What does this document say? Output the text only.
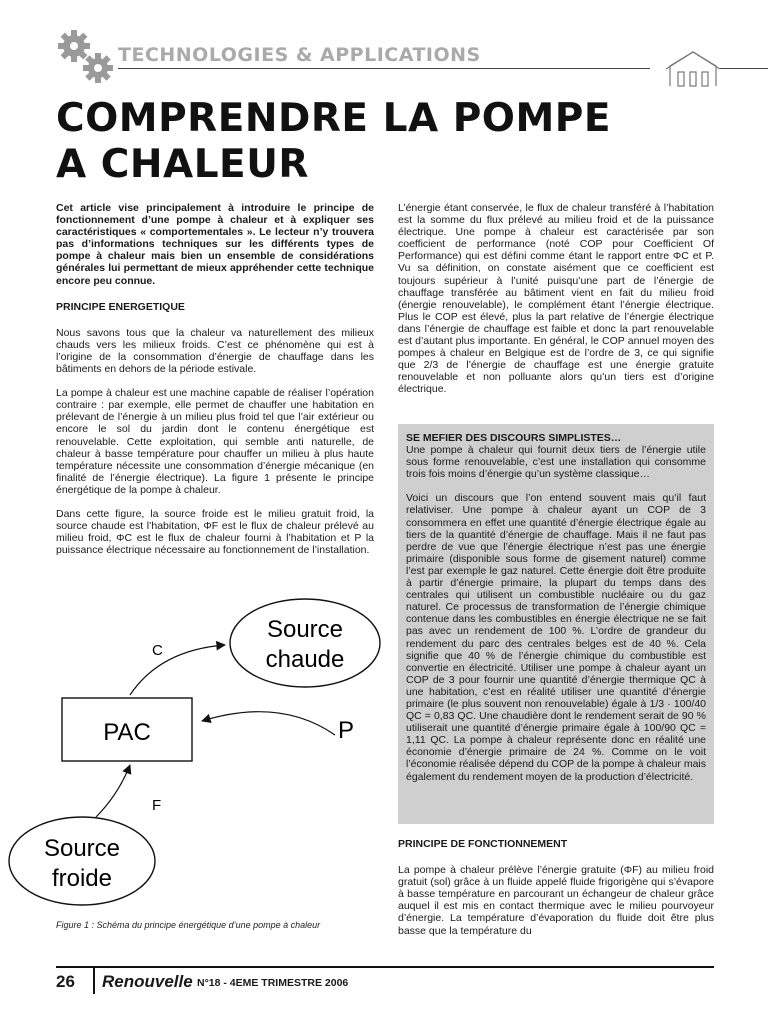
TECHNOLOGIES & APPLICATIONS
COMPRENDRE LA POMPE
A CHALEUR

Cet article vise principalement à introduire le principe de fonctionnement d’une pompe à chaleur et à expliquer ses caractéristiques « comportementales ». Le lecteur n’y trouvera pas d’informations techniques sur les différents types de pompe à chaleur mais bien un ensemble de considérations générales lui permettant de mieux appréhender cette technique encore peu connue.

PRINCIPE ENERGETIQUE

Nous savons tous que la chaleur va naturellement des milieux chauds vers les milieux froids. C’est ce phénomène qui est à l’origine de la consommation d’énergie de chauffage dans les bâtiments en dehors de la période estivale.

La pompe à chaleur est une machine capable de réaliser l’opération contraire : par exemple, elle permet de chauffer une habitation en prélevant de l’énergie à un milieu plus froid tel que l’air extérieur ou encore le sol du jardin dont le contenu énergétique est renouvelable. Cette exploitation, qui semble anti naturelle, de chaleur à basse température pour chauffer un milieu à plus haute température nécessite une consommation d’énergie mécanique (en finalité de l’énergie électrique). La figure 1 présente le principe énergétique de la pompe à chaleur.

Dans cette figure, la source froide est le milieu gratuit froid, la source chaude est l’habitation, ΦF est le flux de chaleur prélevé au milieu froid, ΦC est le flux de chaleur fourni à l’habitation et P la puissance électrique nécessaire au fonctionnement de l’installation.

Source
chaude
PAC
Source
froide
C
P
F
Figure 1 : Schéma du principe énergétique d’une pompe à chaleur

L’énergie étant conservée, le flux de chaleur transféré à l’habitation est la somme du flux prélevé au milieu froid et de la puissance électrique. Une pompe à chaleur est caractérisée par son coefficient de performance (noté COP pour Coefficient Of Performance) qui est défini comme étant le rapport entre ΦC et P. Vu sa définition, on constate aisément que ce coefficient est toujours supérieur à l’unité puisqu’une part de l’énergie de chauffage transférée au bâtiment vient en fait du milieu froid (énergie renouvelable), le complément étant l’énergie électrique. Plus le COP est élevé, plus la part relative de l’énergie électrique dans l’énergie de chauffage est faible et donc la part renouvelable est d’autant plus importante. En général, le COP annuel moyen des pompes à chaleur en Belgique est de l’ordre de 3, ce qui signifie que 2/3 de l’énergie de chauffage est une énergie gratuite renouvelable et non polluante alors qu’un tiers est d’origine électrique.

SE MEFIER DES DISCOURS SIMPLISTES…

Une pompe à chaleur qui fournit deux tiers de l’énergie utile sous forme renouvelable, c’est une installation qui consomme trois fois moins d’énergie qu’un système classique…

Voici un discours que l’on entend souvent mais qu’il faut relativiser. Une pompe à chaleur ayant un COP de 3 consommera en effet une quantité d’énergie électrique égale au tiers de la quantité d’énergie de chauffage. Mais il ne faut pas perdre de vue que l’énergie électrique n’est pas une énergie primaire (disponible sous forme de gisement naturel) comme l’est par exemple le gaz naturel. Cette énergie doit être produite à partir d’énergie primaire, la plupart du temps dans des centrales qui utilisent un combustible nucléaire ou du gaz naturel. Ce processus de transformation de l’énergie chimique contenue dans les combustibles en énergie électrique ne se fait pas avec un rendement de 100 %. L’ordre de grandeur du rendement du parc des centrales belges est de 40 %. Cela signifie que 40 % de l’énergie chimique du combustible est convertie en électricité. Utiliser une pompe à chaleur ayant un COP de 3 pour fournir une quantité d’énergie thermique QC à une habitation, c’est en réalité utiliser une quantité d’énergie primaire (le plus souvent non renouvelable) égale à 1/3 · 100/40 QC = 0,83 QC. Une chaudière dont le rendement serait de 90 % utiliserait une quantité d’énergie primaire égale à 100/90 QC = 1,11 QC. La pompe à chaleur représente donc en réalité une économie d’énergie primaire de 24 %. Comme on le voit l’économie réalisée dépend du COP de la pompe à chaleur mais également du rendement moyen de la production d’électricité.

PRINCIPE DE FONCTIONNEMENT

La pompe à chaleur prélève l’énergie gratuite (ΦF) au milieu froid gratuit (sol) grâce à un fluide appelé fluide frigorigène qui s’évapore à basse température en parcourant un échangeur de chaleur grâce auquel il est mis en contact thermique avec le milieu pourvoyeur d’énergie. La température d’évaporation du fluide doit être plus basse que la température du

26 Renouvelle N°18 - 4EME TRIMESTRE 2006
